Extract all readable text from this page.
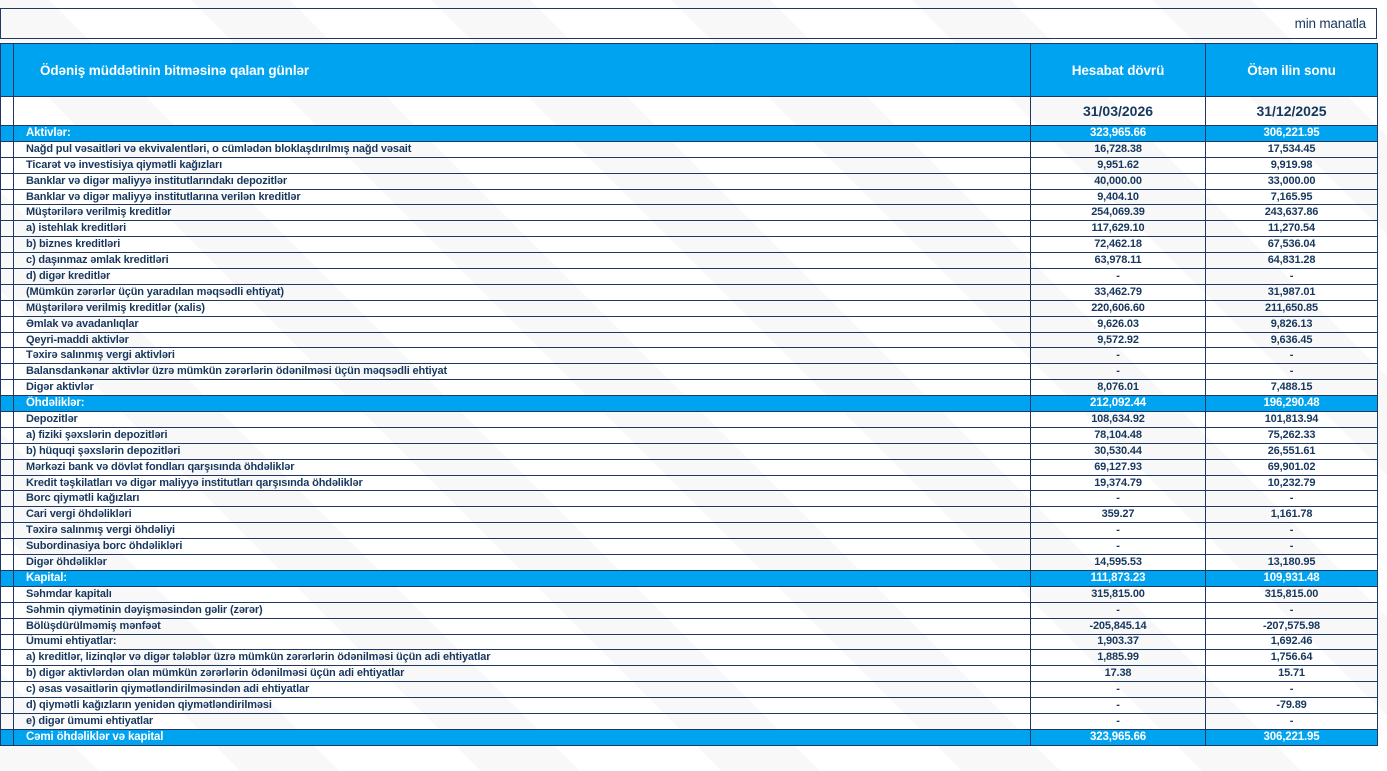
min manatla
	Ödəniş müddətinin bitməsinə qalan günlər	Hesabat dövrü	Ötən ilin sonu
		31/03/2026	31/12/2025
	Aktivlər:	323,965.66	306,221.95
	Nağd pul vəsaitləri və ekvivalentləri, o cümlədən bloklaşdırılmış nağd vəsait	16,728.38	17,534.45
	Ticarət və investisiya qiymətli kağızları	9,951.62	9,919.98
	Banklar və digər maliyyə institutlarındakı depozitlər	40,000.00	33,000.00
	Banklar və digər maliyyə institutlarına verilən kreditlər	9,404.10	7,165.95
	Müştərilərə verilmiş kreditlər	254,069.39	243,637.86
	a) istehlak kreditləri	117,629.10	11,270.54
	b) biznes kreditləri	72,462.18	67,536.04
	c) daşınmaz əmlak kreditləri	63,978.11	64,831.28
	d) digər kreditlər	-	-
	(Mümkün zərərlər üçün yaradılan məqsədli ehtiyat)	33,462.79	31,987.01
	Müştərilərə verilmiş kreditlər (xalis)	220,606.60	211,650.85
	Əmlak və avadanlıqlar	9,626.03	9,826.13
	Qeyri-maddi aktivlər	9,572.92	9,636.45
	Təxirə salınmış vergi aktivləri	-	-
	Balansdankənar aktivlər üzrə mümkün zərərlərin ödənilməsi üçün məqsədli ehtiyat	-	-
	Digər aktivlər	8,076.01	7,488.15
	Öhdəliklər:	212,092.44	196,290.48
	Depozitlər	108,634.92	101,813.94
	a) fiziki şəxslərin depozitləri	78,104.48	75,262.33
	b) hüquqi şəxslərin depozitləri	30,530.44	26,551.61
	Mərkəzi bank və dövlət fondları qarşısında öhdəliklər	69,127.93	69,901.02
	Kredit təşkilatları və digər maliyyə institutları qarşısında öhdəliklər	19,374.79	10,232.79
	Borc qiymətli kağızları	-	-
	Cari vergi öhdəlikləri	359.27	1,161.78
	Təxirə salınmış vergi öhdəliyi	-	-
	Subordinasiya borc öhdəlikləri	-	-
	Digər öhdəliklər	14,595.53	13,180.95
	Kapital:	111,873.23	109,931.48
	Səhmdar kapitalı	315,815.00	315,815.00
	Səhmin qiymətinin dəyişməsindən gəlir (zərər)	-	-
	Bölüşdürülməmiş mənfəət	-205,845.14	-207,575.98
	Ümumi ehtiyatlar:	1,903.37	1,692.46
	a) kreditlər, lizinqlər və digər tələblər üzrə mümkün zərərlərin ödənilməsi üçün adi ehtiyatlar	1,885.99	1,756.64
	b) digər aktivlərdən olan mümkün zərərlərin ödənilməsi üçün adi ehtiyatlar	17.38	15.71
	c) əsas vəsaitlərin qiymətləndirilməsindən adi ehtiyatlar	-	-
	d) qiymətli kağızların yenidən qiymətləndirilməsi	-	-79.89
	e) digər ümumi ehtiyatlar	-	-
	Cəmi öhdəliklər və kapital	323,965.66	306,221.95
